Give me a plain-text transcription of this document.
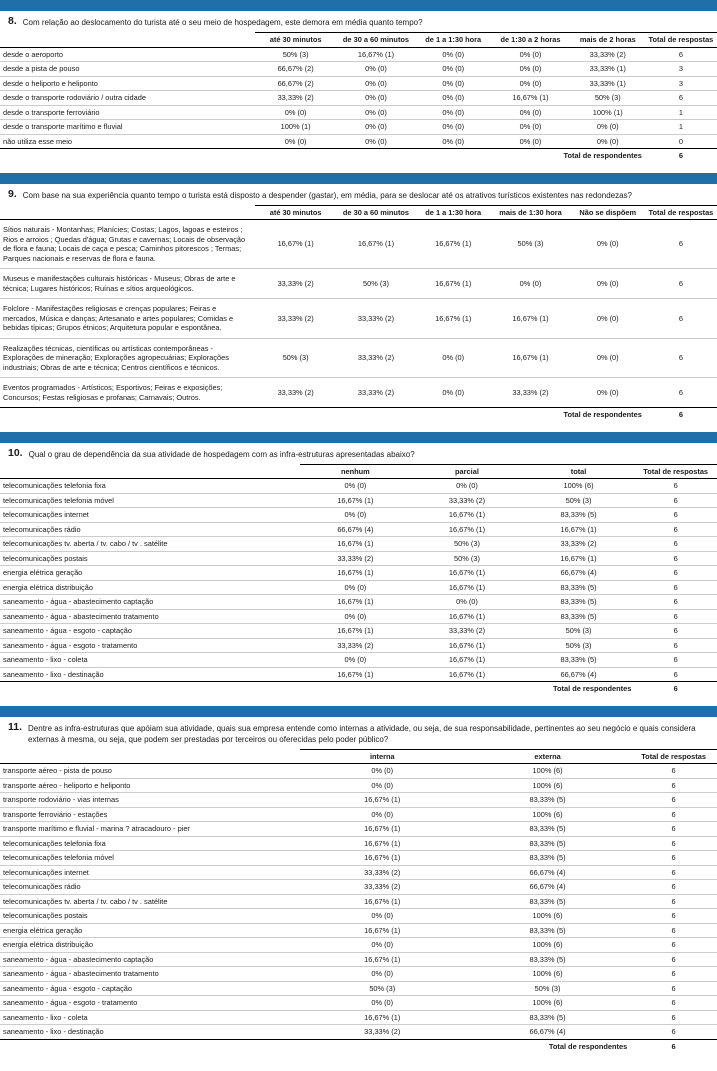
8. Com relação ao deslocamento do turista até o seu meio de hospedagem, este demora em média quanto tempo?
	até 30 minutos	de 30 a 60 minutos	de 1 a 1:30 hora	de 1:30 a 2 horas	mais de 2 horas	Total de respostas
desde o aeroporto	50% (3)	16,67% (1)	0% (0)	0% (0)	33,33% (2)	6
desde a pista de pouso	66,67% (2)	0% (0)	0% (0)	0% (0)	33,33% (1)	3
desde o heliporto e heliponto	66,67% (2)	0% (0)	0% (0)	0% (0)	33,33% (1)	3
desde o transporte rodoviário / outra cidade	33,33% (2)	0% (0)	0% (0)	16,67% (1)	50% (3)	6
desde o transporte ferroviário	0% (0)	0% (0)	0% (0)	0% (0)	100% (1)	1
desde o transporte marítimo e fluvial	100% (1)	0% (0)	0% (0)	0% (0)	0% (0)	1
não utiliza esse meio	0% (0)	0% (0)	0% (0)	0% (0)	0% (0)	0
Total de respondentes						6
9. Com base na sua experiência quanto tempo o turista está disposto a despender (gastar), em média, para se deslocar até os atrativos turísticos existentes nas redondezas?
	até 30 minutos	de 30 a 60 minutos	de 1 a 1:30 hora	mais de 1:30 hora	Não se dispõem	Total de respostas
Sítios naturais - Montanhas; Planícies; Costas; Lagos, lagoas e esteiros ; Rios e arroios ; Quedas d'água; Grutas e cavernas; Locais de observação de flora e fauna; Locais de caça e pesca; Caminhos pitorescos ; Termas; Parques nacionais e reservas de flora e fauna.	16,67% (1)	16,67% (1)	16,67% (1)	50% (3)	0% (0)	6
Museus e manifestações culturais históricas - Museus; Obras de arte e técnica; Lugares históricos; Ruínas e sítios arqueológicos.	33,33% (2)	50% (3)	16,67% (1)	0% (0)	0% (0)	6
Folclore - Manifestações religiosas e crenças populares; Feiras e mercados, Música e danças; Artesanato e artes populares; Comidas e bebidas típicas; Grupos étnicos; Arquitetura popular e espontânea.	33,33% (2)	33,33% (2)	16,67% (1)	16,67% (1)	0% (0)	6
Realizações técnicas, científicas ou artísticas contemporâneas - Explorações de mineração; Explorações agropecuárias; Explorações industriais; Obras de arte e técnica; Centros científicos e técnicos.	50% (3)	33,33% (2)	0% (0)	16,67% (1)	0% (0)	6
Eventos programados - Artísticos; Esportivos; Feiras e exposições; Concursos; Festas religiosas e profanas; Carnavais; Outros.	33,33% (2)	33,33% (2)	0% (0)	33,33% (2)	0% (0)	6
Total de respondentes						6
10. Qual o grau de dependência da sua atividade de hospedagem com as infra-estruturas apresentadas abaixo?
	nenhum	parcial	total	Total de respostas
telecomunicações telefonia fixa	0% (0)	0% (0)	100% (6)	6
telecomunicações telefonia móvel	16,67% (1)	33,33% (2)	50% (3)	6
telecomunicações internet	0% (0)	16,67% (1)	83,33% (5)	6
telecomunicações rádio	66,67% (4)	16,67% (1)	16,67% (1)	6
telecomunicações tv. aberta / tv. cabo / tv . satélite	16,67% (1)	50% (3)	33,33% (2)	6
telecomunicações postais	33,33% (2)	50% (3)	16,67% (1)	6
energia elétrica geração	16,67% (1)	16,67% (1)	66,67% (4)	6
energia elétrica distribuição	0% (0)	16,67% (1)	83,33% (5)	6
saneamento - água - abastecimento captação	16,67% (1)	0% (0)	83,33% (5)	6
saneamento - água - abastecimento tratamento	0% (0)	16,67% (1)	83,33% (5)	6
saneamento - água - esgoto - captação	16,67% (1)	33,33% (2)	50% (3)	6
saneamento - água - esgoto - tratamento	33,33% (2)	16,67% (1)	50% (3)	6
saneamento - lixo - coleta	0% (0)	16,67% (1)	83,33% (5)	6
saneamento - lixo - destinação	16,67% (1)	16,67% (1)	66,67% (4)	6
Total de respondentes				6
11. Dentre as infra-estruturas que apóiam sua atividade, quais sua empresa entende como internas a atividade, ou seja, de sua responsabilidade, pertinentes ao seu negócio e quais considera externas à mesma, ou seja, que podem ser prestadas por terceiros ou oferecidas pelo poder público?
	interna	externa	Total de respostas
transporte aéreo - pista de pouso	0% (0)	100% (6)	6
transporte aéreo - heliporto e heliponto	0% (0)	100% (6)	6
transporte rodoviário - vias internas	16,67% (1)	83,33% (5)	6
transporte ferroviário - estações	0% (0)	100% (6)	6
transporte marítimo e fluvial - marina ? atracadouro - pier	16,67% (1)	83,33% (5)	6
telecomunicações telefonia fixa	16,67% (1)	83,33% (5)	6
telecomunicações telefonia móvel	16,67% (1)	83,33% (5)	6
telecomunicações internet	33,33% (2)	66,67% (4)	6
telecomunicações rádio	33,33% (2)	66,67% (4)	6
telecomunicações tv. aberta / tv. cabo / tv . satélite	16,67% (1)	83,33% (5)	6
telecomunicações postais	0% (0)	100% (6)	6
energia elétrica geração	16,67% (1)	83,33% (5)	6
energia elétrica distribuição	0% (0)	100% (6)	6
saneamento - água - abastecimento captação	16,67% (1)	83,33% (5)	6
saneamento - água - abastecimento tratamento	0% (0)	100% (6)	6
saneamento - água - esgoto - captação	50% (3)	50% (3)	6
saneamento - água - esgoto - tratamento	0% (0)	100% (6)	6
saneamento - lixo - coleta	16,67% (1)	83,33% (5)	6
saneamento - lixo - destinação	33,33% (2)	66,67% (4)	6
Total de respondentes			6
